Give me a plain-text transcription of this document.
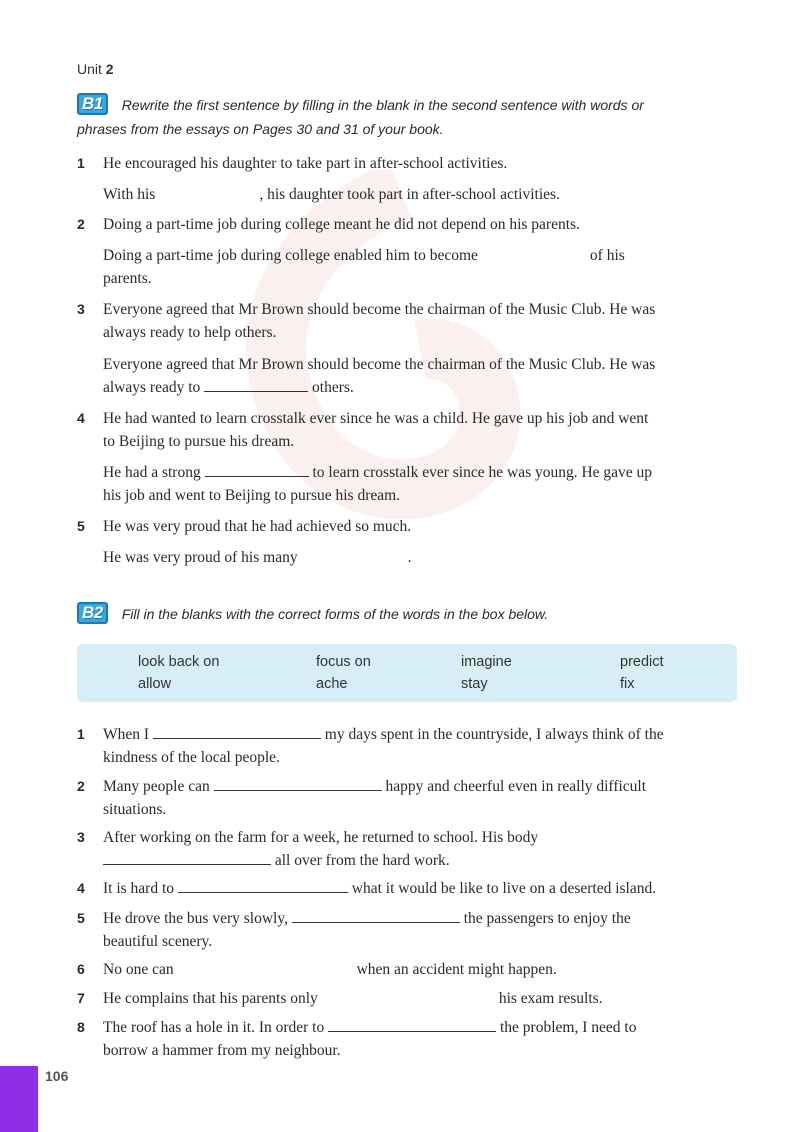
Unit 2
B1 Rewrite the first sentence by filling in the blank in the second sentence with words or
phrases from the essays on Pages 30 and 31 of your book.
1 He encouraged his daughter to take part in after-school activities.
With his	, his daughter took part in after-school activities.
2 Doing a part-time job during college meant he did not depend on his parents.
Doing a part-time job during college enabled him to become	of his
parents.
3 Everyone agreed that Mr Brown should become the chairman of the Music Club. He was
always ready to help others.
Everyone agreed that Mr Brown should become the chairman of the Music Club. He was
always ready to	others.
4 He had wanted to learn crosstalk ever since he was a child. He gave up his job and went
to Beijing to pursue his dream.
He had a strong	to learn crosstalk ever since he was young. He gave up
his job and went to Beijing to pursue his dream.
5 He was very proud that he had achieved so much.
He was very proud of his many	.
B2 Fill in the blanks with the correct forms of the words in the box below.
look back on	focus on	imagine	predict
allow	ache	stay	fix
1 When I	my days spent in the countryside, I always think of the
kindness of the local people.
2 Many people can	happy and cheerful even in really difficult
situations.
3 After working on the farm for a week, he returned to school. His body
all over from the hard work.
4 It is hard to	what it would be like to live on a deserted island.
5 He drove the bus very slowly,	the passengers to enjoy the
beautiful scenery.
6 No one can	when an accident might happen.
7 He complains that his parents only	his exam results.
8 The roof has a hole in it. In order to	the problem, I need to
borrow a hammer from my neighbour.
106
